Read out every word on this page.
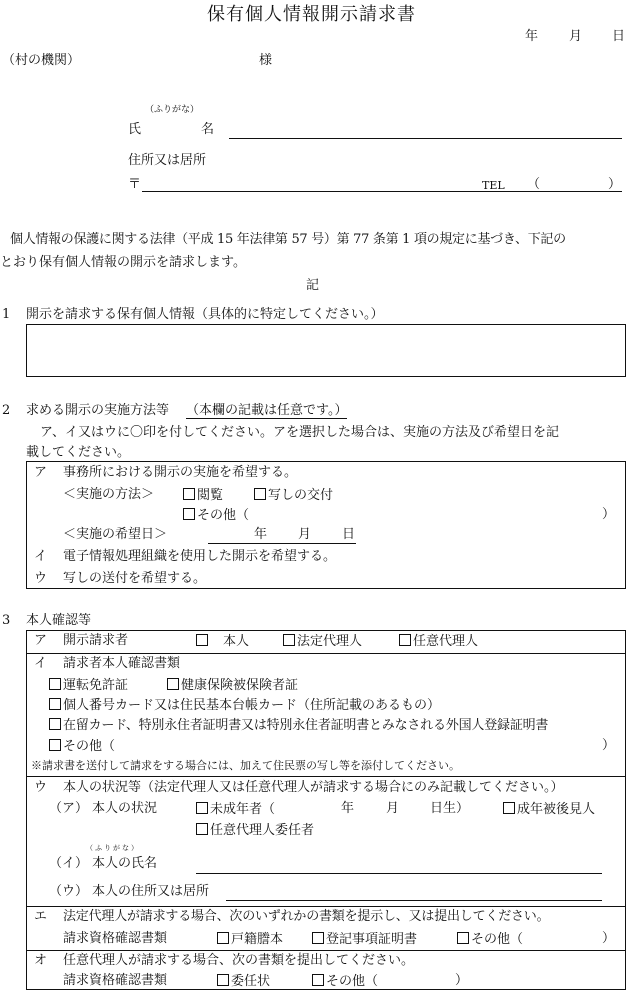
保有個人情報開示請求書
年 月 日
（村の機関）	様
（ふりがな）
氏	名
住所又は居所
〒	TEL （	）
個人情報の保護に関する法律（平成 15 年法律第 57 号）第 77 条第 1 項の規定に基づき、下記の
とおり保有個人情報の開示を請求します。
記
1 開示を請求する保有個人情報（具体的に特定してください。）
2 求める開示の実施方法等 （本欄の記載は任意です。）
ア、イ又はウに〇印を付してください。アを選択した場合は、実施の方法及び希望日を記
載してください。
ア 事務所における開示の実施を希望する。
＜実施の方法＞	閲覧	写しの交付
その他（	）
＜実施の希望日＞	年 月 日
イ 電子情報処理組織を使用した開示を希望する。
ウ 写しの送付を希望する。
3 本人確認等
ア 開示請求者
　	本人	法定代理人	任意代理人
イ 請求者本人確認書類
運転免許証	健康保険被保険者証
個人番号カード又は住民基本台帳カード（住所記載のあるもの）
在留カード、特別永住者証明書又は特別永住者証明書とみなされる外国人登録証明書
その他（	）
※請求書を送付して請求をする場合には、加えて住民票の写し等を添付してください。
ウ 本人の状況等（法定代理人又は任意代理人が請求する場合にのみ記載してください。）
（ア） 本人の状況	未成年者（	年 月 日生）	成年被後見人
任意代理人委任者
（ふりがな）
（イ） 本人の氏名
（ウ） 本人の住所又は居所
エ 法定代理人が請求する場合、次のいずれかの書類を提示し、又は提出してください。
請求資格確認書類	戸籍謄本	登記事項証明書	その他（	）
オ 任意代理人が請求する場合、次の書類を提出してください。
請求資格確認書類	委任状	その他（	）
